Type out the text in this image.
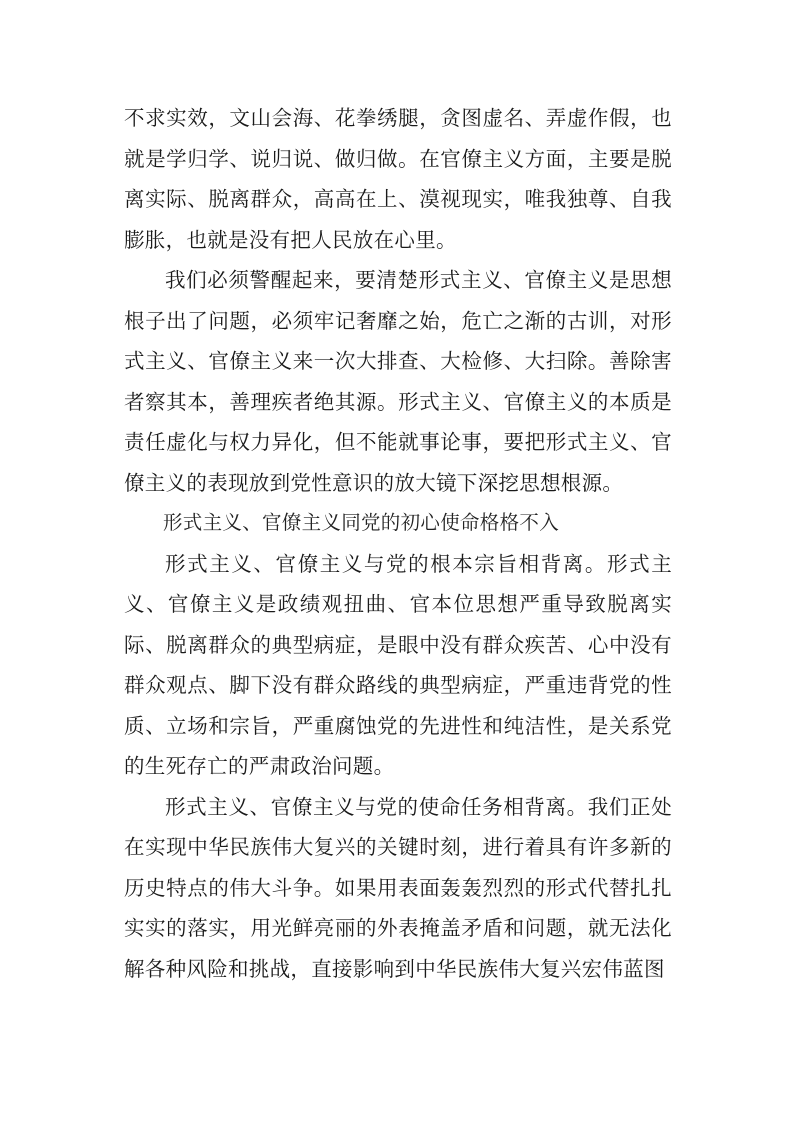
不求实效，文山会海、花拳绣腿，贪图虚名、弄虚作假，也就是学归学、说归说、做归做。在官僚主义方面，主要是脱离实际、脱离群众，高高在上、漠视现实，唯我独尊、自我膨胀，也就是没有把人民放在心里。

我们必须警醒起来，要清楚形式主义、官僚主义是思想根子出了问题，必须牢记奢靡之始，危亡之渐的古训，对形式主义、官僚主义来一次大排查、大检修、大扫除。善除害者察其本，善理疾者绝其源。形式主义、官僚主义的本质是责任虚化与权力异化，但不能就事论事，要把形式主义、官僚主义的表现放到党性意识的放大镜下深挖思想根源。

形式主义、官僚主义同党的初心使命格格不入

形式主义、官僚主义与党的根本宗旨相背离。形式主义、官僚主义是政绩观扭曲、官本位思想严重导致脱离实际、脱离群众的典型病症，是眼中没有群众疾苦、心中没有群众观点、脚下没有群众路线的典型病症，严重违背党的性质、立场和宗旨，严重腐蚀党的先进性和纯洁性，是关系党的生死存亡的严肃政治问题。

形式主义、官僚主义与党的使命任务相背离。我们正处在实现中华民族伟大复兴的关键时刻，进行着具有许多新的历史特点的伟大斗争。如果用表面轰轰烈烈的形式代替扎扎实实的落实，用光鲜亮丽的外表掩盖矛盾和问题，就无法化解各种风险和挑战，直接影响到中华民族伟大复兴宏伟蓝图
